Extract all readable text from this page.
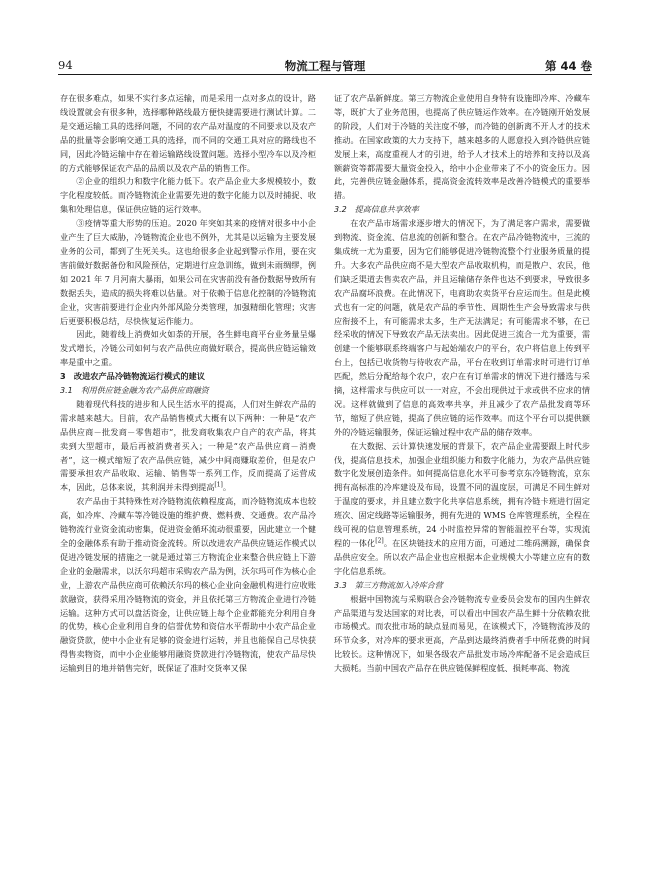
94	物流工程与管理	第 44 卷

存在很多难点，如果不实行多点运输，而是采用一点对多点的设计，路线设置就会有很多种，选择哪种路线最方便快捷需要进行测试计算。二是交通运输工具的选择问题，不同的农产品对温度的不同要求以及农产品的批量等会影响交通工具的选择，而不同的交通工具对应的路线也不同，因此冷链运输中存在着运输路线设置问题。选择小型冷车以及冷柜的方式能够保证农产品的品质以及农产品的销售工作。

②企业的组织力和数字化能力低下。农产品企业大多规模较小，数字化程度较低。而冷链物流企业需要先进的数字化能力以及时捕捉、收集和处理信息，保证供应链的运行效率。

③疫情等重大形势的压迫。2020 年突如其来的疫情对很多中小企业产生了巨大威胁，冷链物流企业也不例外，尤其是以运输为主要发展业务的公司，都到了生死关头。这也给很多企业起到警示作用，要在灾害前做好数据备份和风险预估，定期进行应急训练，做到未雨绸缪，例如 2021 年 7 月河南大暴雨，如果公司在灾害前没有备份数据导致所有数据丢失，造成的损失将难以估量。对于依赖于信息化控制的冷链物流企业，灾害前要进行企业内外部风险分类管理，加强精细化管理；灾害后更要积极总结，尽快恢复运作能力。

因此，随着线上消费如火如荼的开展，各生鲜电商平台业务量呈爆发式增长，冷链公司如何与农产品供应商做好联合，提高供应链运输效率是重中之重。

3　改进农产品冷链物流运行模式的建议
3.1　利用供应链金融为农产品供应商融资

随着现代科技的进步和人民生活水平的提高，人们对生鲜农产品的需求越来越大。目前，农产品销售模式大概有以下两种：一种是“农产品供应商－批发商－零售超市”，批发商收集农户自产的农产品，将其卖到大型超市，最后再被消费者买入；一种是“农产品供应商－消费者”，这一模式缩短了农产品供应链，减少中间商赚取差价，但是农户需要承担农产品收取、运输、销售等一系列工作，反而提高了运营成本，因此，总体来说，其利润并未得到提高[1]。

农产品由于其特殊性对冷链物流依赖程度高，而冷链物流成本也较高，如冷库、冷藏车等冷链设施的维护费、燃料费、交通费。农产品冷链物流行业资金流动密集，促进资金循环流动很重要，因此建立一个健全的金融体系有助于推动资金流转。所以改进农产品供应链运作模式以促进冷链发展的措施之一就是通过第三方物流企业来整合供应链上下游企业的金融需求，以沃尔玛超市采购农产品为例，沃尔玛可作为核心企业，上游农产品供应商可依赖沃尔玛的核心企业向金融机构进行应收账款融资，获得采用冷链物流的资金，并且依托第三方物流企业进行冷链运输。这种方式可以盘活资金，让供应链上每个企业都能充分利用自身的优势，核心企业利用自身的信誉优势和资信水平帮助中小农产品企业融资贷款，使中小企业有足够的资金进行运转，并且也能保自己尽快获得售卖物资，而中小企业能够用融资贷款进行冷链物流，使农产品尽快运输到目的地并销售完好，既保证了准时交货率又保

证了农产品新鲜度。第三方物流企业使用自身特有设施即冷库、冷藏车等，既扩大了业务范围，也提高了供应链运作效率。在冷链刚开始发展的阶段，人们对于冷链的关注度不够，而冷链的创新离不开人才的技术推动。在国家政策的大力支持下，越来越多的人愿意投入到冷链供应链发展上来，高度重视人才的引进，给予人才技术上的培养和支持以及高额薪资等都需要大量资金投入，给中小企业带来了不小的资金压力。因此，完善供应链金融体系，提高资金流转效率是改善冷链模式的重要举措。

3.2　提高信息共享效率

在农产品市场需求逐步增大的情况下，为了满足客户需求，需要做到物流、资金流、信息流的创新和整合。在农产品冷链物流中，三流的集成统一尤为重要，因为它们能够促进冷链物流整个行业服务质量的提升。大多农产品供应商不是大型农产品收取机构，而是散户、农民，他们缺乏渠道去售卖农产品，并且运输储存条件也达不到要求，导致很多农产品腐坏浪费。在此情况下，电商助农卖货平台应运而生。但是此模式也有一定的问题，就是农产品的季节性、周期性生产会导致需求与供应衔接不上，有可能需求太多，生产无法满足；有可能需求不够，在已经采收的情况下导致农产品无法卖出。因此促进三流合一尤为重要，需创建一个能够联系终端客户与起始端农户的平台，农户将信息上传到平台上，包括已收货物与待收农产品，平台在收到订单需求时可进行订单匹配，然后分配给每个农户，农户在有订单需求的情况下进行播选与采摘，这样需求与供应可以一一对应，不会出现供过于求或供不应求的情况。这样就做到了信息的高效率共享，并且减少了农产品批发商等环节，缩短了供应链，提高了供应链的运作效率。而这个平台可以提供额外的冷链运输服务，保证运输过程中农产品的储存效率。

在大数据、云计算快速发展的背景下，农产品企业需要跟上时代步伐，提高信息技术，加强企业组织能力和数字化能力，为农产品供应链数字化发展创造条件。如何提高信息化水平可参考京东冷链物流，京东拥有高标准的冷库建设及布局，设置不同的温度层，可满足不同生鲜对于温度的要求，并且建立数字化共享信息系统，拥有冷链卡班进行固定班次、固定线路等运输服务，拥有先进的 WMS 仓库管理系统，全程在线可视的信息管理系统，24 小时监控异常的智能温控平台等，实现流程的一体化[2]。在区块链技术的应用方面，可通过二维码溯源，确保食品供应安全。所以农产品企业也应根据本企业规模大小等建立应有的数字化信息系统。

3.3　第三方物流加入冷库合营

根据中国物流与采购联合会冷链物流专业委员会发布的国内生鲜农产品渠道与发达国家的对比表，可以看出中国农产品生鲜十分依赖农批市场模式。而农批市场的缺点显而易见，在该模式下，冷链物流涉及的环节众多，对冷库的要求更高，产品到达最终消费者手中所花费的时间比较长。这种情况下，如果各级农产品批发市场冷库配备不足会造成巨大损耗。当前中国农产品存在供应链保鲜程度低、损耗率高、物流
